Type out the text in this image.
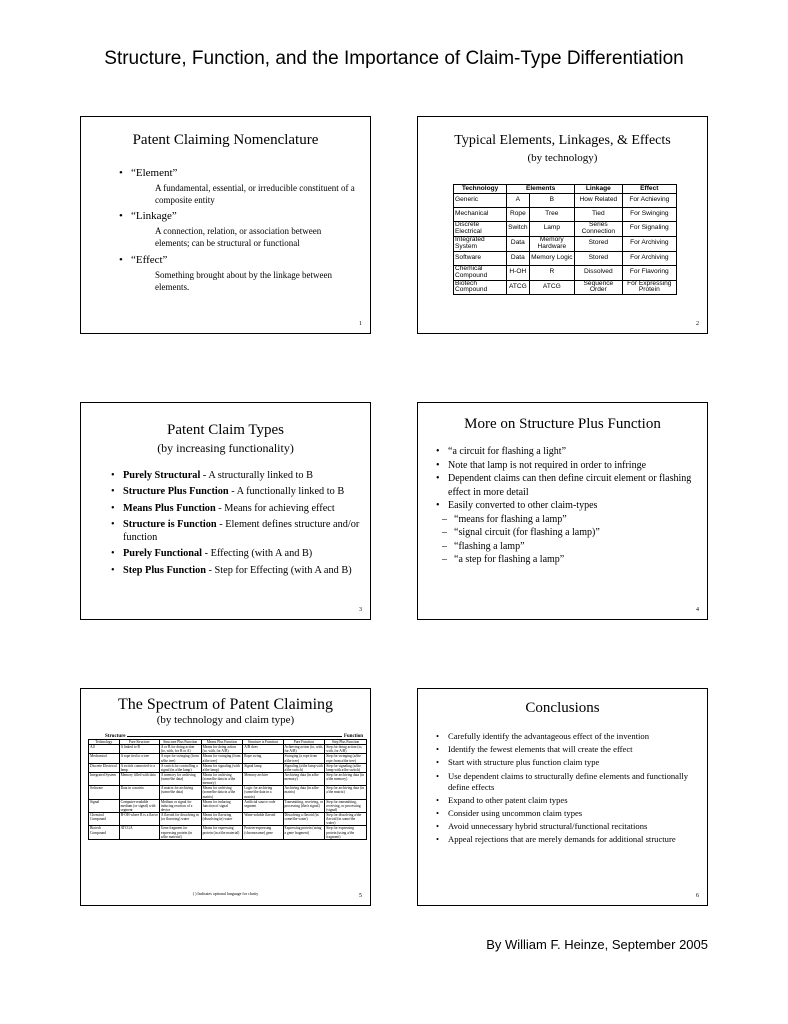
Structure, Function, and the Importance of Claim-Type Differentiation
Patent Claiming Nomenclature
• “Element”
A fundamental, essential, or irreducible constituent of a composite entity
• “Linkage”
A connection, relation, or association between elements; can be structural or functional
• “Effect”
Something brought about by the linkage between elements.
1
Typical Elements, Linkages, & Effects
(by technology)
Technology	Elements		Linkage	Effect
Generic	A	B	How Related	For Achieving
Mechanical	Rope	Tree	Tied	For Swinging
Discrete Electrical	Switch	Lamp	Series Connection	For Signaling
Integrated System	Data	Memory Hardware	Stored	For Archiving
Software	Data	Memory Logic	Stored	For Archiving
Chemical Compound	H-OH	R	Dissolved	For Flavoring
Biotech Compound	ATCG	ATCG	Sequence Order	For Expressing Protein
2
Patent Claim Types
(by increasing functionality)
• Purely Structural - A structurally linked to B
• Structure Plus Function - A functionally linked to B
• Means Plus Function - Means for achieving effect
• Structure is Function - Element defines structure and/or function
• Purely Functional - Effecting (with A and B)
• Step Plus Function - Step for Effecting (with A and B)
3
More on Structure Plus Function
• “a circuit for flashing a light”
• Note that lamp is not required in order to infringe
• Dependent claims can then define circuit element or flashing effect in more detail
• Easily converted to other claim-types
– “means for flashing a lamp”
– “signal circuit (for flashing a lamp)”
– “flashing a lamp”
– “a step for flashing a lamp”
4
The Spectrum of Patent Claiming
(by technology and claim type)
Structure	Function
Technology	Pure Structure	Structure Plus Function	Means Plus Function	Structure is Function	Pure Function	Step Plus Function
All	A linked to B	A or B for doing action (to, with, for B or A)	Means for doing action (to, with, for A/B)	A/B does	Achieving action (to, with, for A/B)	Step for doing action (to, with, for A/B)
Mechanical	A rope tied to a tree	A rope for swinging (from a/the tree)	Means for swinging (from a/the tree)	Rope swing	Swinging (a rope from a/the tree)	Step for swinging (a/the rope from a/the tree)
Discrete Electrical	A switch connected to a lamp	A switch for controlling a signal (in a/the lamp)	Means for signaling (with a/the lamp)	Signal lamp	Signaling (a/the lamp with a/the switch)	Step for signaling (a/the lamp with a/the switch)
Integrated System	Memory filled with data	A memory for archiving (some/the data)	Means for archiving (some/the data in a/the memory)	Memory archive	Archiving data (in a/the memory)	Step for archiving data (in a/the memory)
Software	Data in a matrix	A matrix for archiving (some/the data)	Means for archiving (some/the data in a/the matrix)	Logic for archiving (some/the data in a matrix)	Archiving data (in a/the matrix)	Step for archiving data (in a/the matrix)
Signal	Computer-readable medium (or signal) with segment	Medium or signal for inducing reaction of a device	Means for inducing function of signal	Artificial source code segment	Transmitting, receiving, or processing (the/a signal)	Step for transmitting, receiving, or processing (signal)
Chemical Compound	H-OH where R is a flavor	A flavoid for dissolving in (or flavoring) water	Means for flavoring (dissolving in) water	Water-soluble flavoid	Dissolving a flavoid (in some/the water)	Step for dissolving a/the flavoid (in some/the water)
Biotech Compound	ATCGA	Gene fragment for expressing protein (in a/the material)	Means for expressing protein (in a/the material)	Protein-expressing (chromosome) gene	Expressing protein (using a gene fragment)	Step for expressing protein (using a/the fragment)
( ) Indicates optional language for clarity	5
Conclusions
• Carefully identify the advantageous effect of the invention
• Identify the fewest elements that will create the effect
• Start with structure plus function claim type
• Use dependent claims to structurally define elements and functionally define effects
• Expand to other patent claim types
• Consider using uncommon claim types
• Avoid unnecessary hybrid structural/functional recitations
• Appeal rejections that are merely demands for additional structure
6
By William F. Heinze, September 2005
